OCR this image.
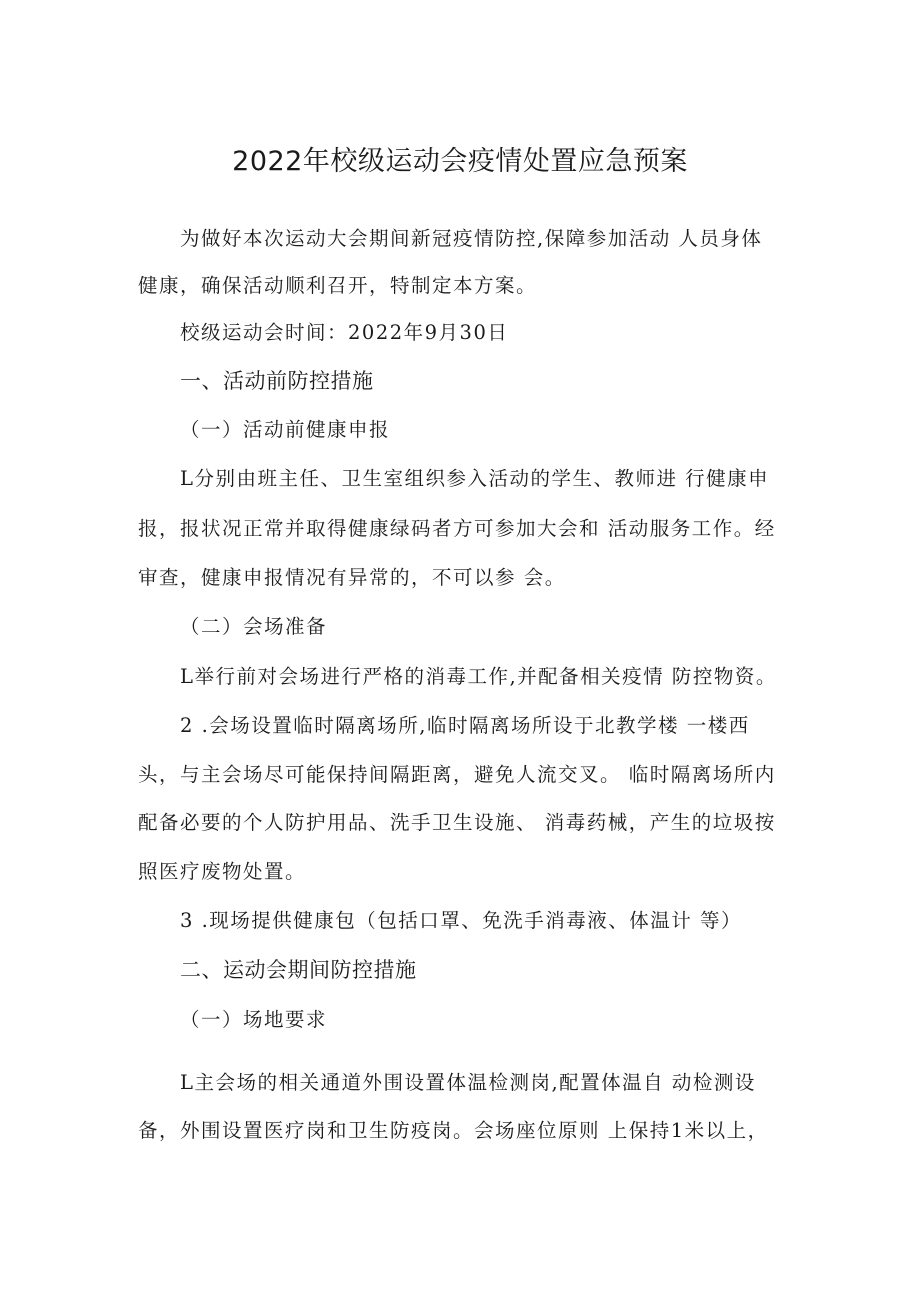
2022年校级运动会疫情处置应急预案
为做好本次运动大会期间新冠疫情防控,保障参加活动 人员身体
健康，确保活动顺利召开，特制定本方案。
校级运动会时间：2022年9月30日
一、活动前防控措施
（一）活动前健康申报
L分别由班主任、卫生室组织参入活动的学生、教师进 行健康申
报，报状况正常并取得健康绿码者方可参加大会和 活动服务工作。经
审查，健康申报情况有异常的，不可以参 会。
（二）会场准备
L举行前对会场进行严格的消毒工作,并配备相关疫情 防控物资。
2 .会场设置临时隔离场所,临时隔离场所设于北教学楼 一楼西
头，与主会场尽可能保持间隔距离，避免人流交叉。 临时隔离场所内
配备必要的个人防护用品、洗手卫生设施、 消毒药械，产生的垃圾按
照医疗废物处置。
3 .现场提供健康包（包括口罩、免洗手消毒液、体温计 等）
二、运动会期间防控措施
（一）场地要求
L主会场的相关通道外围设置体温检测岗,配置体温自 动检测设
备，外围设置医疗岗和卫生防疫岗。会场座位原则 上保持1米以上，
